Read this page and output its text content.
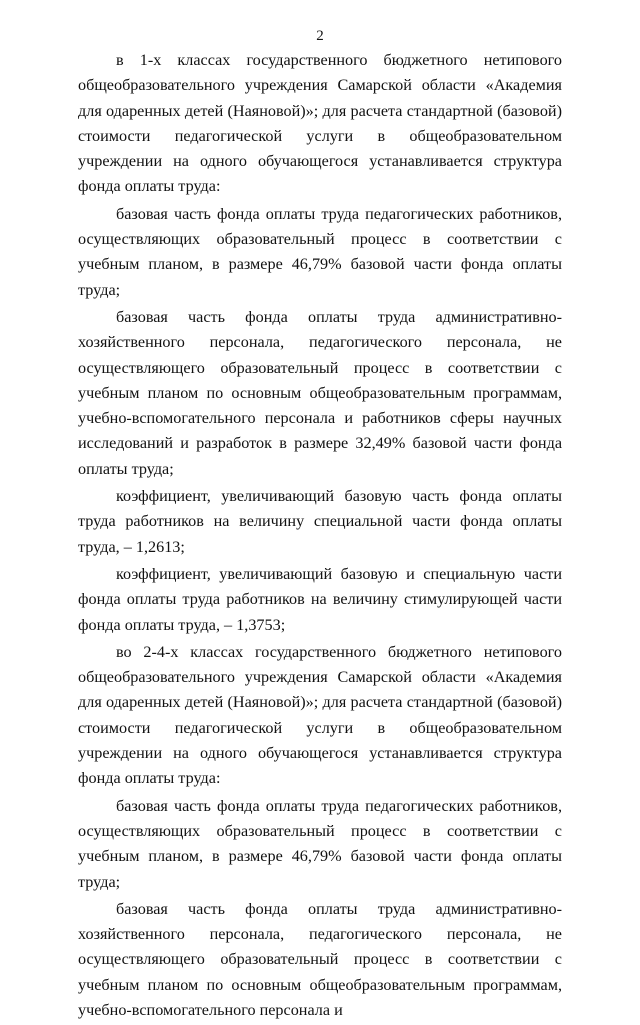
2

в 1-х классах государственного бюджетного нетипового общеобразовательного учреждения Самарской области «Академия для одаренных детей (Наяновой)»; для расчета стандартной (базовой) стоимости педагогической услуги в общеобразовательном учреждении на одного обучающегося устанавливается структура фонда оплаты труда:

базовая часть фонда оплаты труда педагогических работников, осуществляющих образовательный процесс в соответствии с учебным планом, в размере 46,79% базовой части фонда оплаты труда;

базовая часть фонда оплаты труда административно-хозяйственного персонала, педагогического персонала, не осуществляющего образовательный процесс в соответствии с учебным планом по основным общеобразовательным программам, учебно-вспомогательного персонала и работников сферы научных исследований и разработок в размере 32,49% базовой части фонда оплаты труда;

коэффициент, увеличивающий базовую часть фонда оплаты труда работников на величину специальной части фонда оплаты труда, – 1,2613;

коэффициент, увеличивающий базовую и специальную части фонда оплаты труда работников на величину стимулирующей части фонда оплаты труда, – 1,3753;

во 2-4-х классах государственного бюджетного нетипового общеобразовательного учреждения Самарской области «Академия для одаренных детей (Наяновой)»; для расчета стандартной (базовой) стоимости педагогической услуги в общеобразовательном учреждении на одного обучающегося устанавливается структура фонда оплаты труда:

базовая часть фонда оплаты труда педагогических работников, осуществляющих образовательный процесс в соответствии с учебным планом, в размере 46,79% базовой части фонда оплаты труда;

базовая часть фонда оплаты труда административно-хозяйственного персонала, педагогического персонала, не осуществляющего образовательный процесс в соответствии с учебным планом по основным общеобразовательным программам, учебно-вспомогательного персонала и
